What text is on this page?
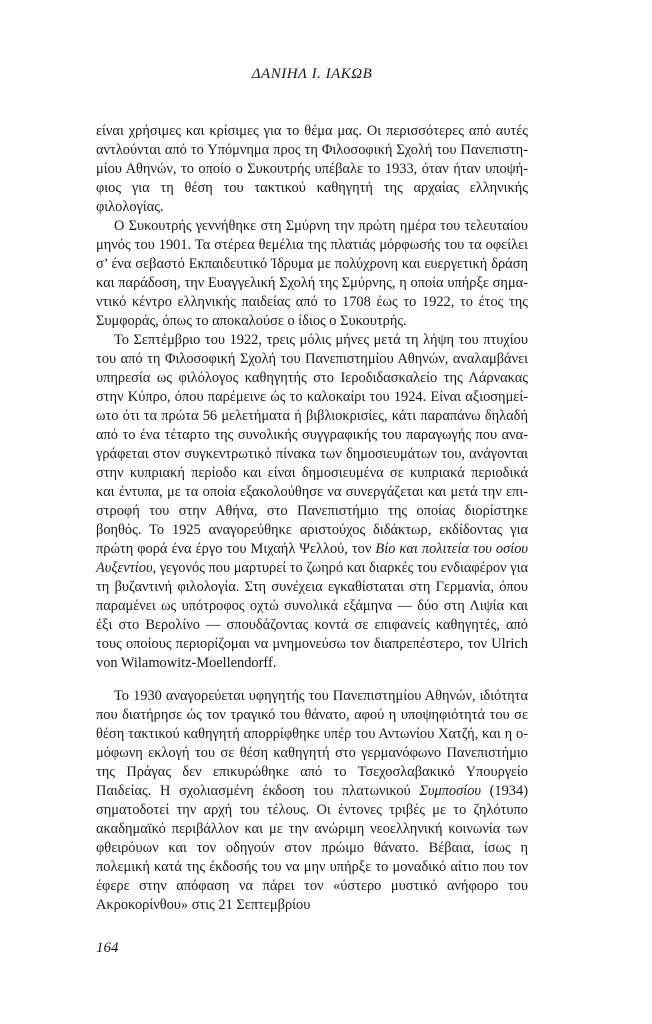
ΔΑΝΙΗΛ Ι. ΙΑΚΩΒ

είναι χρήσιμες και κρίσιμες για το θέμα μας. Οι περισσότερες από αυτές αντλούνται από το Υπόμνημα προς τη Φιλοσοφική Σχολή του Πανεπιστημίου Αθηνών, το οποίο ο Συκουτρής υπέβαλε το 1933, όταν ήταν υποψήφιος για τη θέση του τακτικού καθηγητή της αρχαίας ελληνικής φιλολογίας.

Ο Συκουτρής γεννήθηκε στη Σμύρνη την πρώτη ημέρα του τελευταίου μηνός του 1901. Τα στέρεα θεμέλια της πλατιάς μόρφωσής του τα οφείλει σ’ ένα σεβαστό Εκπαιδευτικό Ίδρυμα με πολύχρονη και ευεργετική δράση και παράδοση, την Ευαγγελική Σχολή της Σμύρνης, η οποία υπήρξε σημαντικό κέντρο ελληνικής παιδείας από το 1708 έως το 1922, το έτος της Συμφοράς, όπως το αποκαλούσε ο ίδιος ο Συκουτρής.

Το Σεπτέμβριο του 1922, τρεις μόλις μήνες μετά τη λήψη του πτυχίου του από τη Φιλοσοφική Σχολή του Πανεπιστημίου Αθηνών, αναλαμβάνει υπηρεσία ως φιλόλογος καθηγητής στο Ιεροδιδασκαλείο της Λάρνακας στην Κύπρο, όπου παρέμεινε ώς το καλοκαίρι του 1924. Είναι αξιοσημείωτο ότι τα πρώτα 56 μελετήματα ή βιβλιοκρισίες, κάτι παραπάνω δηλαδή από το ένα τέταρτο της συνολικής συγγραφικής του παραγωγής που αναγράφεται στον συγκεντρωτικό πίνακα των δημοσιευμάτων του, ανάγονται στην κυπριακή περίοδο και είναι δημοσιευμένα σε κυπριακά περιοδικά και έντυπα, με τα οποία εξακολούθησε να συνεργάζεται και μετά την επιστροφή του στην Αθήνα, στο Πανεπιστήμιο της οποίας διορίστηκε βοηθός. Το 1925 αναγορεύθηκε αριστούχος διδάκτωρ, εκδίδοντας για πρώτη φορά ένα έργο του Μιχαήλ Ψελλού, τον Βίο και πολιτεία του οσίου Αυξεντίου, γεγονός που μαρτυρεί το ζωηρό και διαρκές του ενδιαφέρον για τη βυζαντινή φιλολογία. Στη συνέχεια εγκαθίσταται στη Γερμανία, όπου παραμένει ως υπότροφος οχτώ συνολικά εξάμηνα — δύο στη Λιψία και έξι στο Βερολίνο — σπουδάζοντας κοντά σε επιφανείς καθηγητές, από τους οποίους περιορίζομαι να μνημονεύσω τον διαπρεπέστερο, τον Ulrich von Wilamowitz-Moellendorff.

Το 1930 αναγορεύεται υφηγητής του Πανεπιστημίου Αθηνών, ιδιότητα που διατήρησε ώς τον τραγικό του θάνατο, αφού η υποψηφιότητά του σε θέση τακτικού καθηγητή απορρίφθηκε υπέρ του Αντωνίου Χατζή, και η ομόφωνη εκλογή του σε θέση καθηγητή στο γερμανόφωνο Πανεπιστήμιο της Πράγας δεν επικυρώθηκε από το Τσεχοσλαβακικό Υπουργείο Παιδείας. Η σχολιασμένη έκδοση του πλατωνικού Συμποσίου (1934) σηματοδοτεί την αρχή του τέλους. Οι έντονες τριβές με το ζηλότυπο ακαδημαϊκό περιβάλλον και με την ανώριμη νεοελληνική κοινωνία των φθειρόυων και τον οδηγούν στον πρώιμο θάνατο. Βέβαια, ίσως η πολεμική κατά της έκδοσής του να μην υπήρξε το μοναδικό αίτιο που τον έφερε στην απόφαση να πάρει τον «ύστερο μυστικό ανήφορο του Ακροκορίνθου» στις 21 Σεπτεμβρίου

164
